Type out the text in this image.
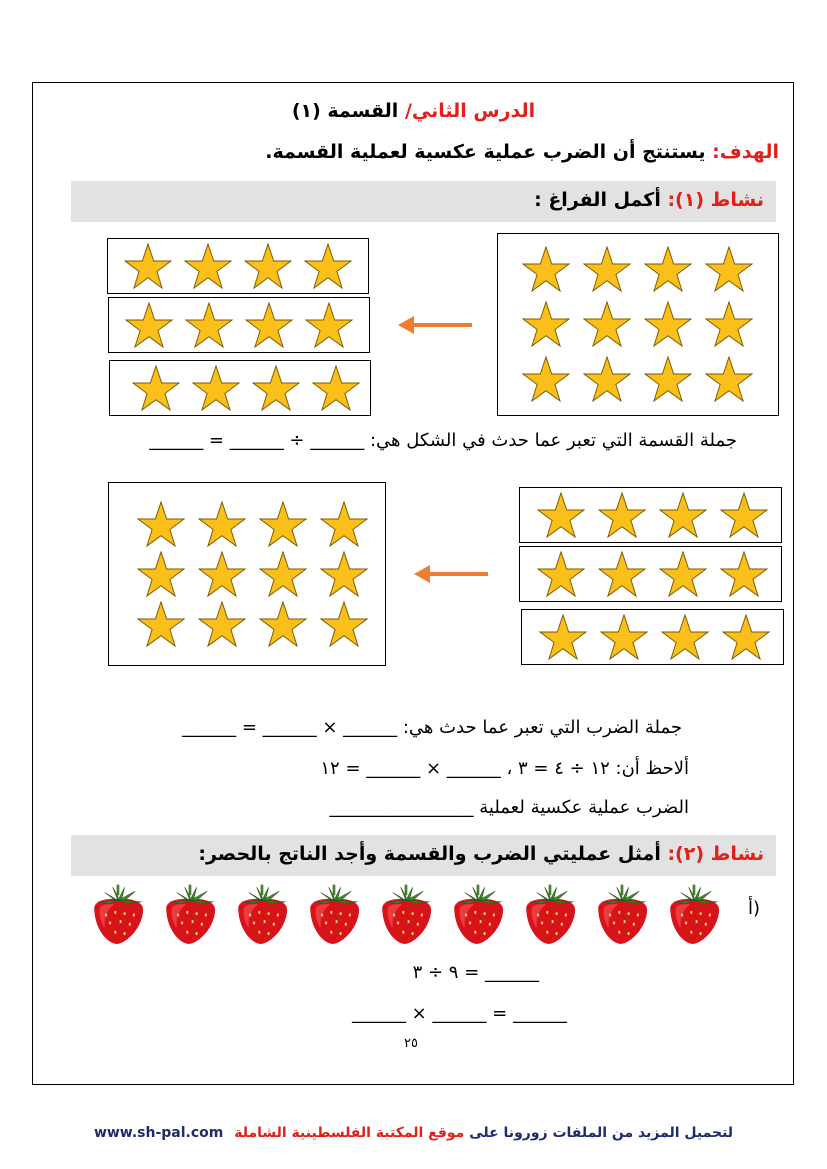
الدرس الثاني/ القسمة (١)
الهدف: يستنتج أن الضرب عملية عكسية لعملية القسمة.
نشاط (١): أكمل الفراغ :
جملة القسمة التي تعبر عما حدث في الشكل هي: ______ ÷ ______ = ______
جملة الضرب التي تعبر عما حدث هي: ______ × ______ = ______
ألاحظ أن: ١٢ ÷ ٤ = ٣ ، ______ × ______ = ١٢
الضرب عملية عكسية لعملية ________________
نشاط (٢): أمثل عمليتي الضرب والقسمة وأجد الناتج بالحصر:
أ)
٩ ÷ ٣ = ______
______ × ______ = ______
٢٥
لتحميل المزيد من الملفات زورونا على موقع المكتبة الفلسطينية الشاملة www.sh-pal.com
